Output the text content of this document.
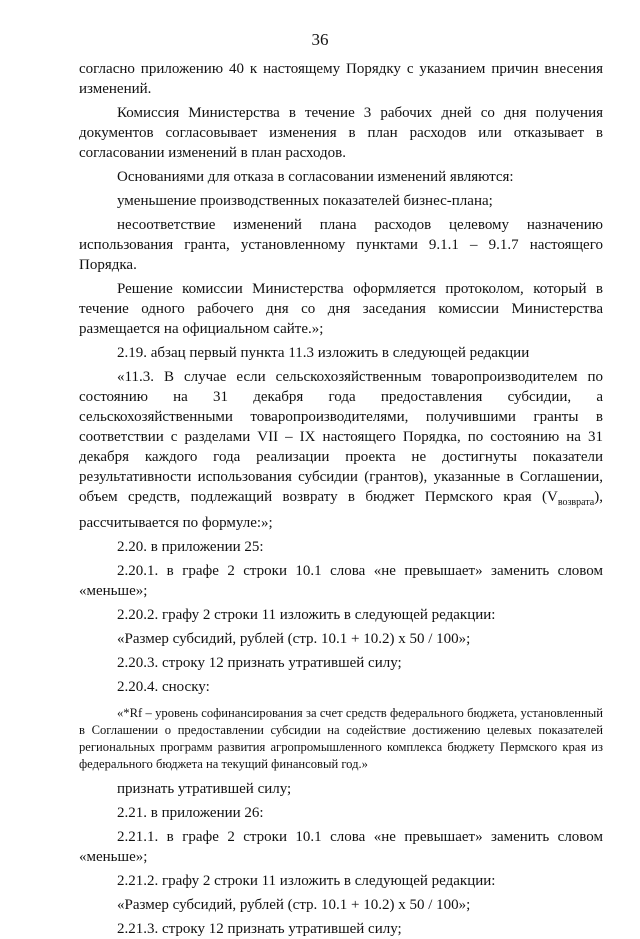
36

согласно приложению 40 к настоящему Порядку с указанием причин внесения изменений.

Комиссия Министерства в течение 3 рабочих дней со дня получения документов согласовывает изменения в план расходов или отказывает в согласовании изменений в план расходов.

Основаниями для отказа в согласовании изменений являются:

уменьшение производственных показателей бизнес-плана;

несоответствие изменений плана расходов целевому назначению использования гранта, установленному пунктами 9.1.1 – 9.1.7 настоящего Порядка.

Решение комиссии Министерства оформляется протоколом, который в течение одного рабочего дня со дня заседания комиссии Министерства размещается на официальном сайте.»;

2.19. абзац первый пункта 11.3 изложить в следующей редакции

«11.3. В случае если сельскохозяйственным товаропроизводителем по состоянию на 31 декабря года предоставления субсидии, а сельскохозяйственными товаропроизводителями, получившими гранты в соответствии с разделами VII – IX настоящего Порядка, по состоянию на 31 декабря каждого года реализации проекта не достигнуты показатели результативности использования субсидии (грантов), указанные в Соглашении, объем средств, подлежащий возврату в бюджет Пермского края $(V_{возврата})$, рассчитывается по формуле:»;

2.20. в приложении 25:

2.20.1. в графе 2 строки 10.1 слова «не превышает» заменить словом «меньше»;

2.20.2. графу 2 строки 11 изложить в следующей редакции:

«Размер субсидий, рублей (стр. 10.1 + 10.2) х 50 / 100»;

2.20.3. строку 12 признать утратившей силу;

2.20.4. сноску:

«*Rf – уровень софинансирования за счет средств федерального бюджета, установленный в Соглашении о предоставлении субсидии на содействие достижению целевых показателей региональных программ развития агропромышленного комплекса бюджету Пермского края из федерального бюджета на текущий финансовый год.»

признать утратившей силу;

2.21. в приложении 26:

2.21.1. в графе 2 строки 10.1 слова «не превышает» заменить словом «меньше»;

2.21.2. графу 2 строки 11 изложить в следующей редакции:

«Размер субсидий, рублей (стр. 10.1 + 10.2) х 50 / 100»;

2.21.3. строку 12 признать утратившей силу;
